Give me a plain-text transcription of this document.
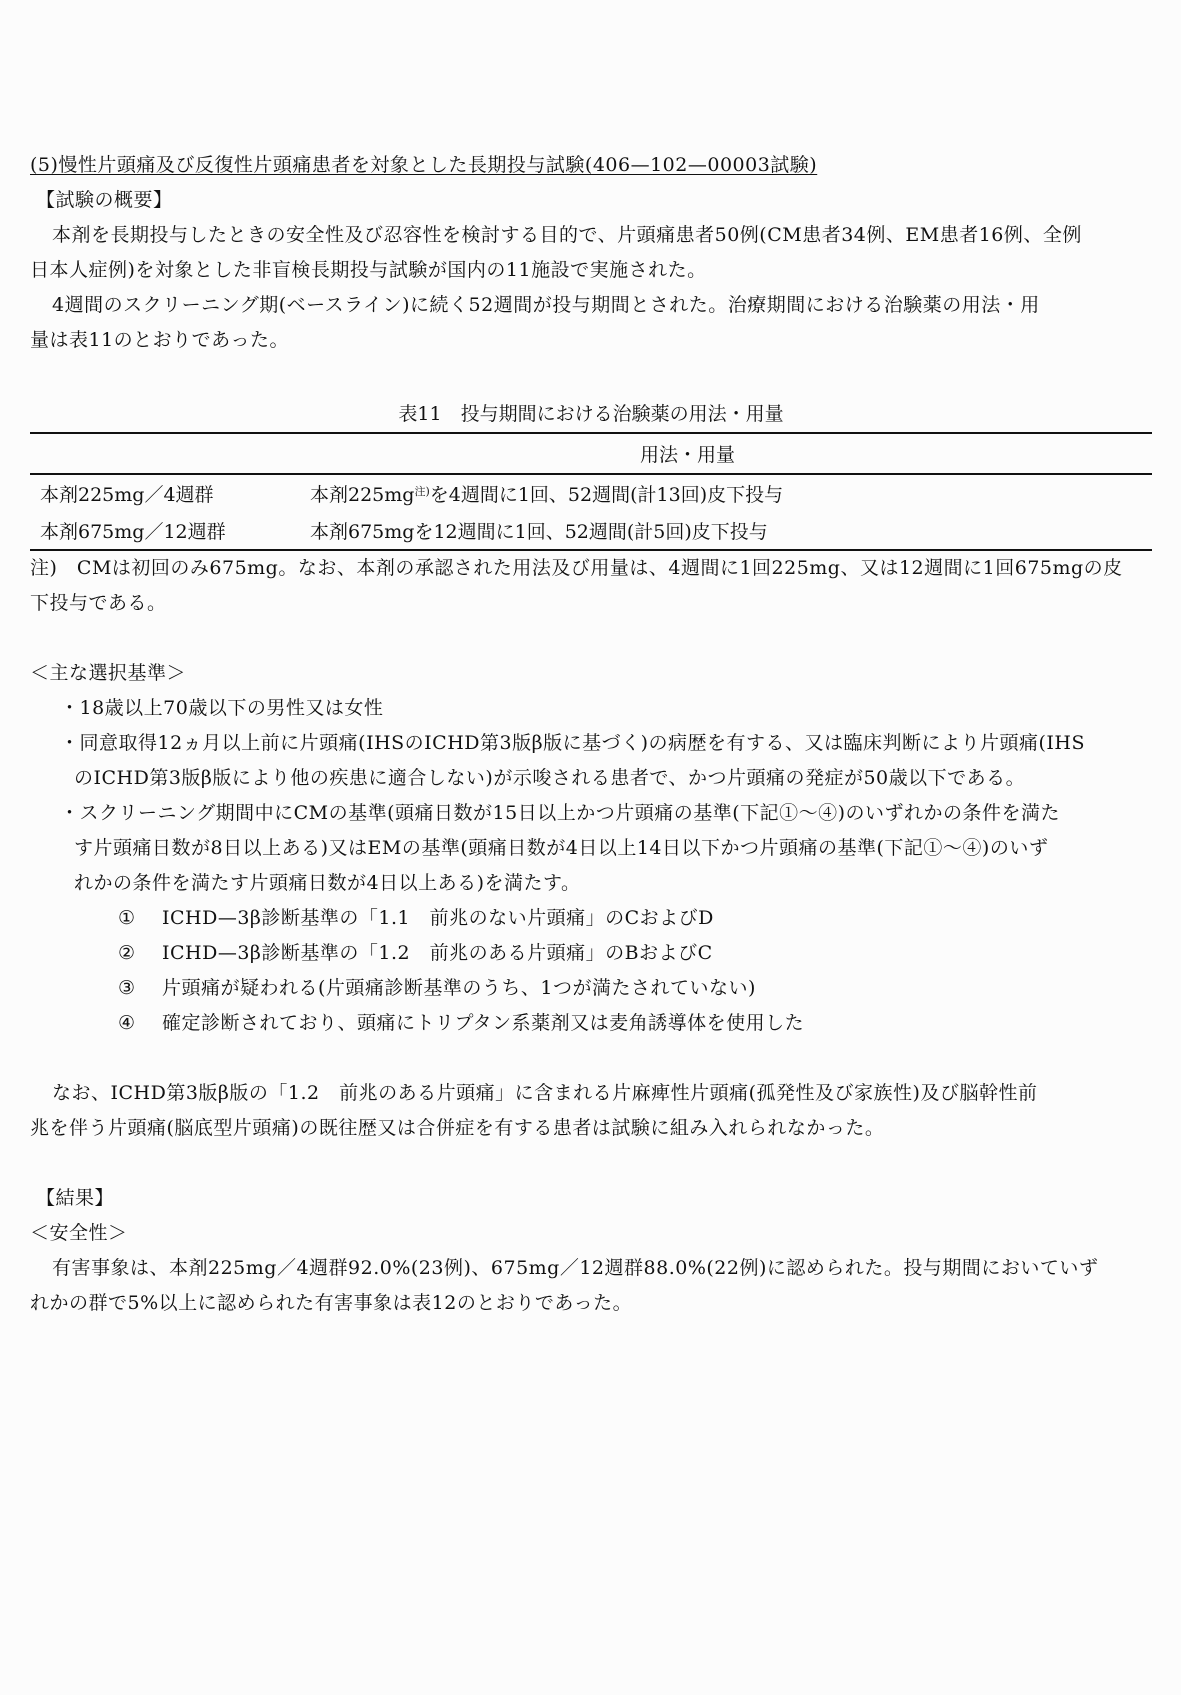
(5)慢性片頭痛及び反復性片頭痛患者を対象とした長期投与試験(406—102—00003試験)
【試験の概要】
本剤を長期投与したときの安全性及び忍容性を検討する目的で、片頭痛患者50例(CM患者34例、EM患者16例、全例
日本人症例)を対象とした非盲検長期投与試験が国内の11施設で実施された。
4週間のスクリーニング期(ベースライン)に続く52週間が投与期間とされた。治療期間における治験薬の用法・用
量は表11のとおりであった。
表11　投与期間における治験薬の用法・用量
	用法・用量
本剤225mg／4週群	本剤225mg$^{注)}$を4週間に1回、52週間(計13回)皮下投与
本剤675mg／12週群	本剤675mgを12週間に1回、52週間(計5回)皮下投与
注)　CMは初回のみ675mg。なお、本剤の承認された用法及び用量は、4週間に1回225mg、又は12週間に1回675mgの皮
下投与である。
＜主な選択基準＞
・18歳以上70歳以下の男性又は女性
・同意取得12ヵ月以上前に片頭痛(IHSのICHD第3版β版に基づく)の病歴を有する、又は臨床判断により片頭痛(IHS
のICHD第3版β版により他の疾患に適合しない)が示唆される患者で、かつ片頭痛の発症が50歳以下である。
・スクリーニング期間中にCMの基準(頭痛日数が15日以上かつ片頭痛の基準(下記①～④)のいずれかの条件を満た
す片頭痛日数が8日以上ある)又はEMの基準(頭痛日数が4日以上14日以下かつ片頭痛の基準(下記①～④)のいず
れかの条件を満たす片頭痛日数が4日以上ある)を満たす。
① ICHD—3β診断基準の「1.1　前兆のない片頭痛」のCおよびD
② ICHD—3β診断基準の「1.2　前兆のある片頭痛」のBおよびC
③ 片頭痛が疑われる(片頭痛診断基準のうち、1つが満たされていない)
④ 確定診断されており、頭痛にトリプタン系薬剤又は麦角誘導体を使用した
なお、ICHD第3版β版の「1.2　前兆のある片頭痛」に含まれる片麻痺性片頭痛(孤発性及び家族性)及び脳幹性前
兆を伴う片頭痛(脳底型片頭痛)の既往歴又は合併症を有する患者は試験に組み入れられなかった。
【結果】
＜安全性＞
有害事象は、本剤225mg／4週群92.0%(23例)、675mg／12週群88.0%(22例)に認められた。投与期間においていず
れかの群で5%以上に認められた有害事象は表12のとおりであった。
